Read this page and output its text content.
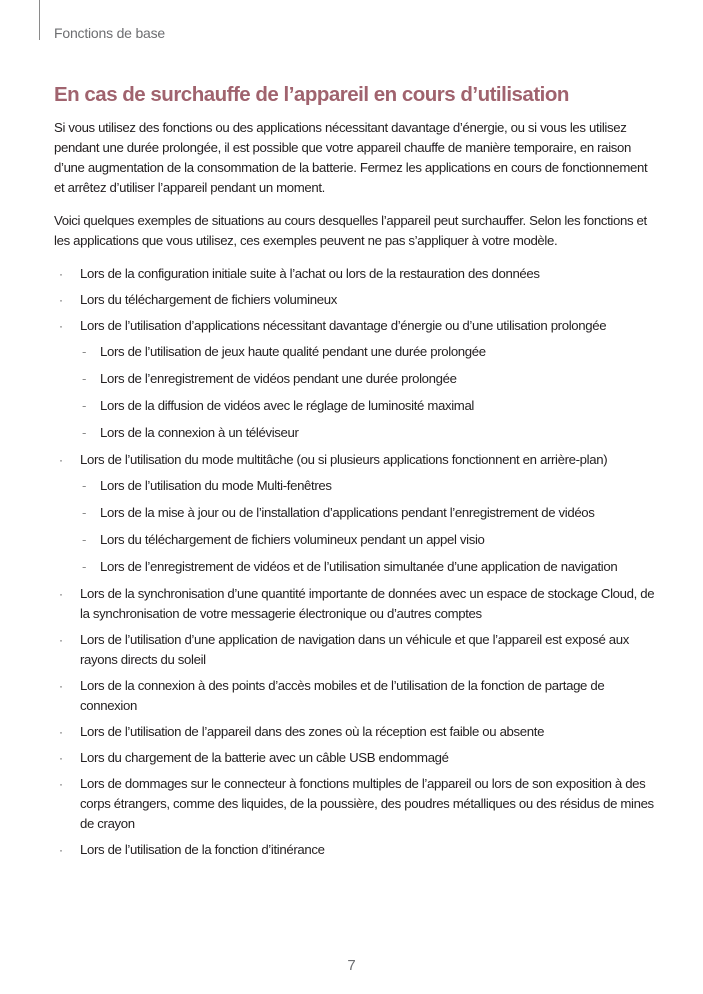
Fonctions de base
En cas de surchauffe de l’appareil en cours d’utilisation

Si vous utilisez des fonctions ou des applications nécessitant davantage d’énergie, ou si vous les utilisez pendant une durée prolongée, il est possible que votre appareil chauffe de manière temporaire, en raison d’une augmentation de la consommation de la batterie. Fermez les applications en cours de fonctionnement et arrêtez d’utiliser l’appareil pendant un moment.

Voici quelques exemples de situations au cours desquelles l’appareil peut surchauffer. Selon les fonctions et les applications que vous utilisez, ces exemples peuvent ne pas s’appliquer à votre modèle.

· Lors de la configuration initiale suite à l’achat ou lors de la restauration des données
· Lors du téléchargement de fichiers volumineux
· Lors de l’utilisation d’applications nécessitant davantage d’énergie ou d’une utilisation prolongée
- Lors de l’utilisation de jeux haute qualité pendant une durée prolongée
- Lors de l’enregistrement de vidéos pendant une durée prolongée
- Lors de la diffusion de vidéos avec le réglage de luminosité maximal
- Lors de la connexion à un téléviseur
· Lors de l’utilisation du mode multitâche (ou si plusieurs applications fonctionnent en arrière-plan)
- Lors de l’utilisation du mode Multi-fenêtres
- Lors de la mise à jour ou de l’installation d’applications pendant l’enregistrement de vidéos
- Lors du téléchargement de fichiers volumineux pendant un appel visio
- Lors de l’enregistrement de vidéos et de l’utilisation simultanée d’une application de navigation
· Lors de la synchronisation d’une quantité importante de données avec un espace de stockage Cloud, de la synchronisation de votre messagerie électronique ou d’autres comptes
· Lors de l’utilisation d’une application de navigation dans un véhicule et que l’appareil est exposé aux rayons directs du soleil
· Lors de la connexion à des points d’accès mobiles et de l’utilisation de la fonction de partage de connexion
· Lors de l’utilisation de l’appareil dans des zones où la réception est faible ou absente
· Lors du chargement de la batterie avec un câble USB endommagé
· Lors de dommages sur le connecteur à fonctions multiples de l’appareil ou lors de son exposition à des corps étrangers, comme des liquides, de la poussière, des poudres métalliques ou des résidus de mines de crayon
· Lors de l’utilisation de la fonction d’itinérance
7
